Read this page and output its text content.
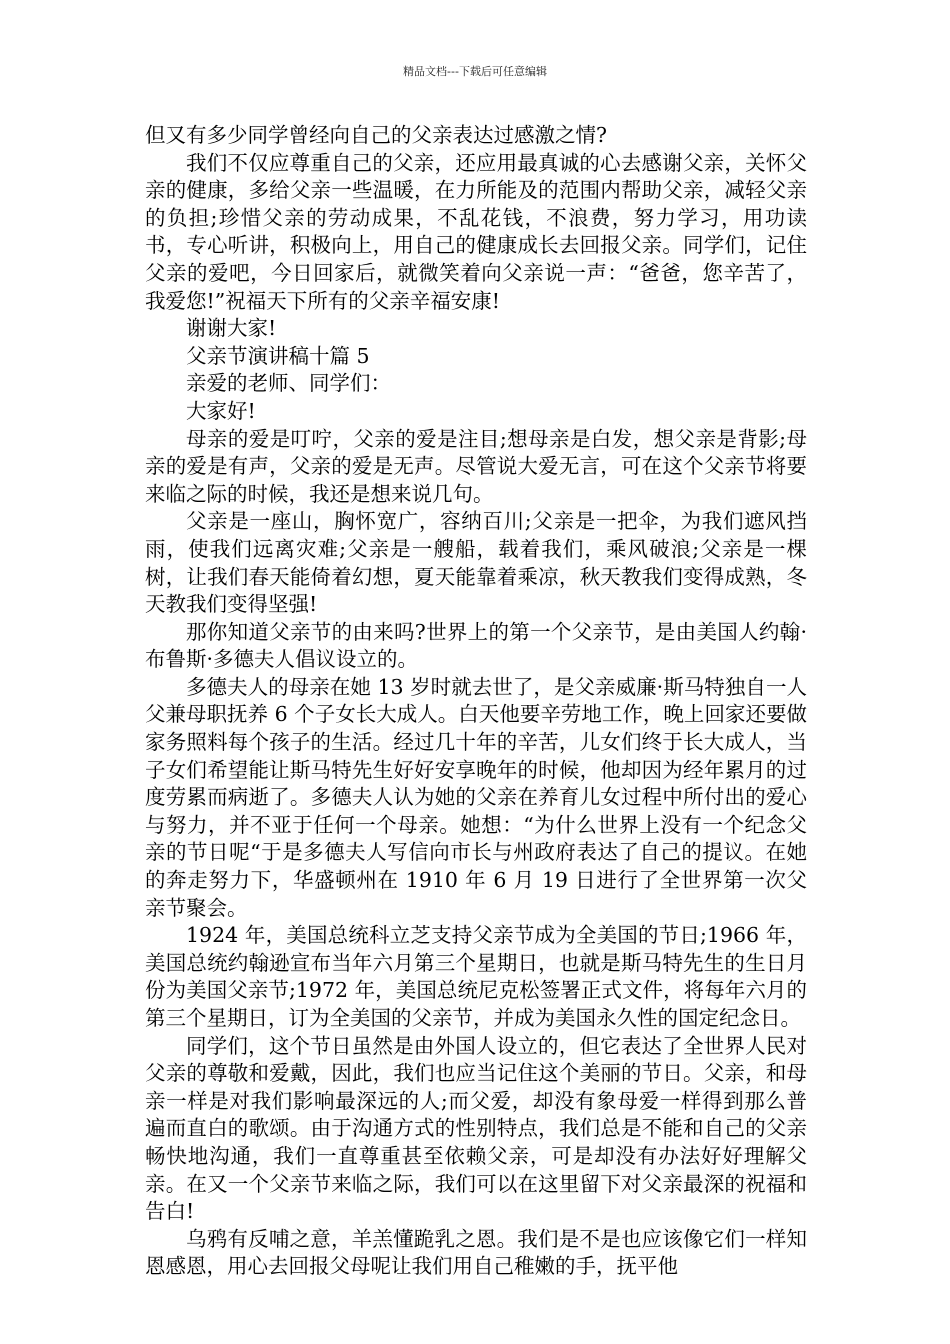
精品文档---下载后可任意编辑

但又有多少同学曾经向自己的父亲表达过感激之情?

我们不仅应尊重自己的父亲，还应用最真诚的心去感谢父亲，关怀父亲的健康，多给父亲一些温暖，在力所能及的范围内帮助父亲，减轻父亲的负担;珍惜父亲的劳动成果，不乱花钱，不浪费，努力学习，用功读书，专心听讲，积极向上，用自己的健康成长去回报父亲。同学们，记住父亲的爱吧，今日回家后，就微笑着向父亲说一声：“爸爸，您辛苦了，我爱您!”祝福天下所有的父亲辛福安康!

谢谢大家!

父亲节演讲稿十篇 5

亲爱的老师、同学们：

大家好!

母亲的爱是叮咛，父亲的爱是注目;想母亲是白发，想父亲是背影;母亲的爱是有声，父亲的爱是无声。尽管说大爱无言，可在这个父亲节将要来临之际的时候，我还是想来说几句。

父亲是一座山，胸怀宽广，容纳百川;父亲是一把伞，为我们遮风挡雨，使我们远离灾难;父亲是一艘船，载着我们，乘风破浪;父亲是一棵树，让我们春天能倚着幻想，夏天能靠着乘凉，秋天教我们变得成熟，冬天教我们变得坚强!

那你知道父亲节的由来吗?世界上的第一个父亲节，是由美国人约翰·布鲁斯·多德夫人倡议设立的。

多德夫人的母亲在她 13 岁时就去世了，是父亲威廉·斯马特独自一人父兼母职抚养 6 个子女长大成人。白天他要辛劳地工作，晚上回家还要做家务照料每个孩子的生活。经过几十年的辛苦，儿女们终于长大成人，当子女们希望能让斯马特先生好好安享晚年的时候，他却因为经年累月的过度劳累而病逝了。多德夫人认为她的父亲在养育儿女过程中所付出的爱心与努力，并不亚于任何一个母亲。她想：“为什么世界上没有一个纪念父亲的节日呢“于是多德夫人写信向市长与州政府表达了自己的提议。在她的奔走努力下，华盛顿州在 1910 年 6 月 19 日进行了全世界第一次父亲节聚会。

1924 年，美国总统科立芝支持父亲节成为全美国的节日;1966 年，美国总统约翰逊宣布当年六月第三个星期日，也就是斯马特先生的生日月份为美国父亲节;1972 年，美国总统尼克松签署正式文件，将每年六月的第三个星期日，订为全美国的父亲节，并成为美国永久性的国定纪念日。

同学们，这个节日虽然是由外国人设立的，但它表达了全世界人民对父亲的尊敬和爱戴，因此，我们也应当记住这个美丽的节日。父亲，和母亲一样是对我们影响最深远的人;而父爱，却没有象母爱一样得到那么普遍而直白的歌颂。由于沟通方式的性别特点，我们总是不能和自己的父亲畅快地沟通，我们一直尊重甚至依赖父亲，可是却没有办法好好理解父亲。在又一个父亲节来临之际，我们可以在这里留下对父亲最深的祝福和告白!

乌鸦有反哺之意，羊羔懂跪乳之恩。我们是不是也应该像它们一样知恩感恩，用心去回报父母呢让我们用自己稚嫩的手，抚平他
